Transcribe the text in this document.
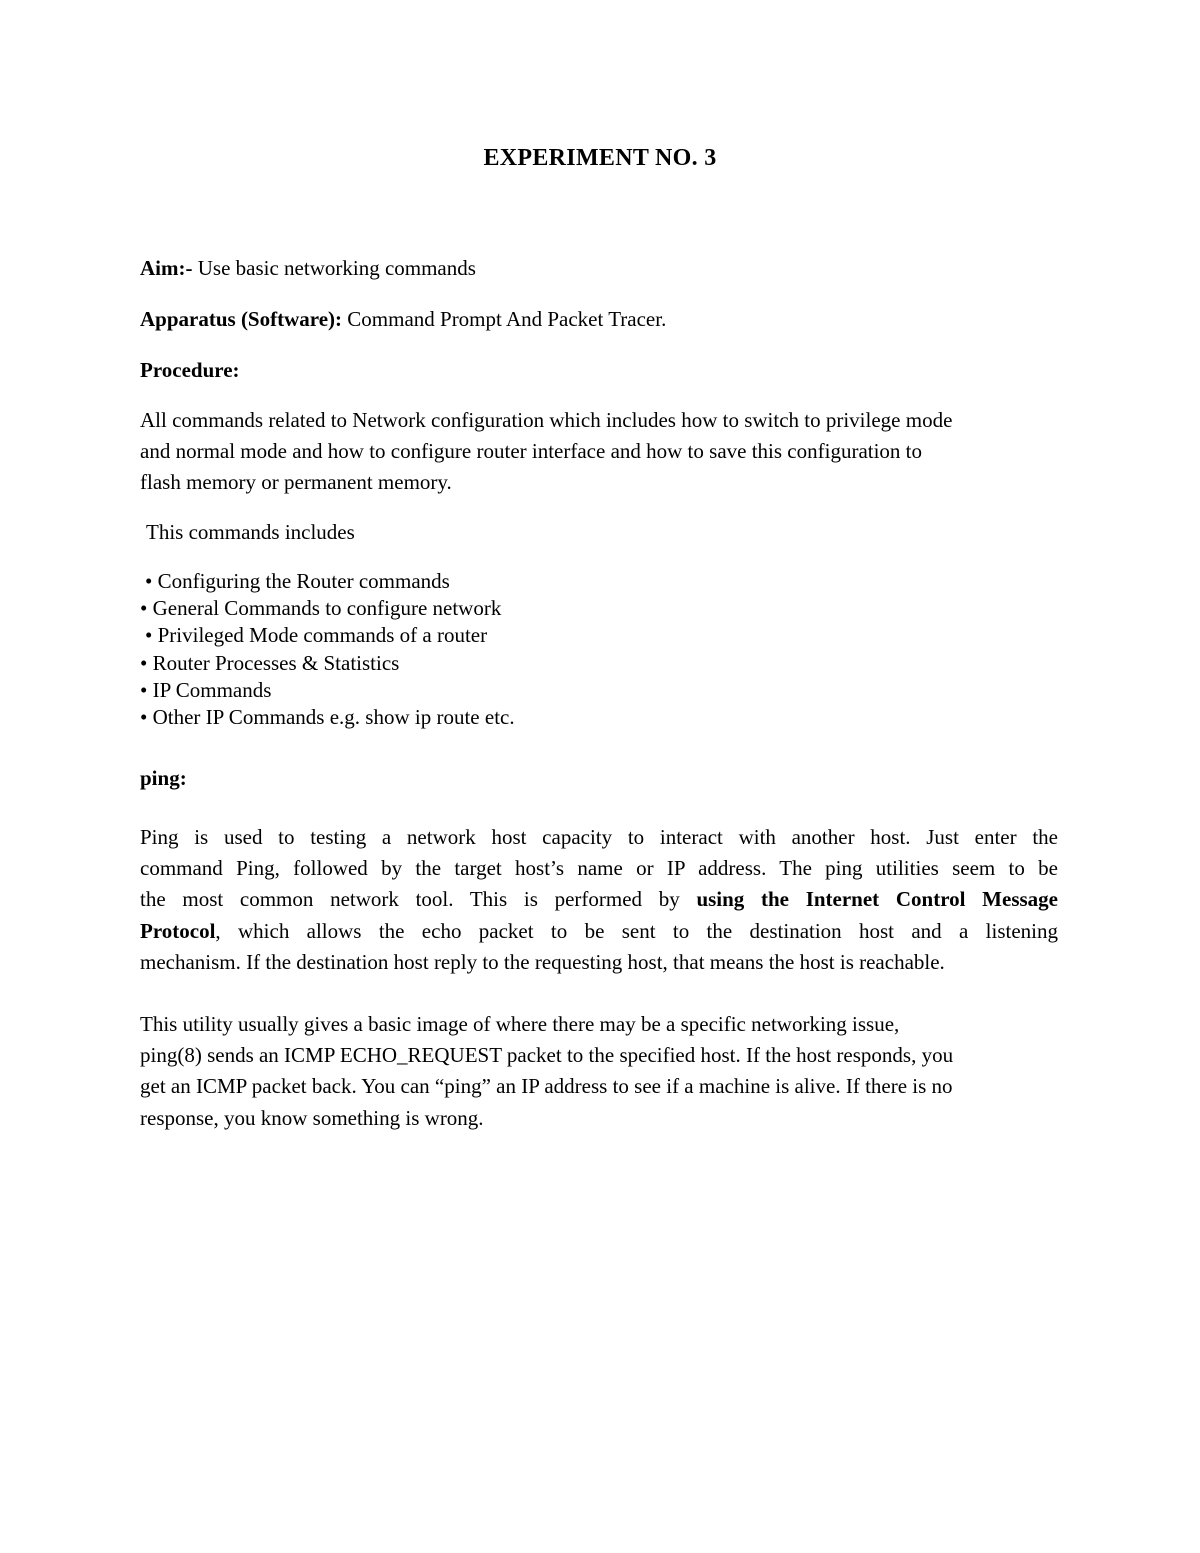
EXPERIMENT NO. 3
Aim:- Use basic networking commands
Apparatus (Software): Command Prompt And Packet Tracer.
Procedure:
All commands related to Network configuration which includes how to switch to privilege mode
and normal mode and how to configure router interface and how to save this configuration to
flash memory or permanent memory.
This commands includes
• Configuring the Router commands
• General Commands to configure network
• Privileged Mode commands of a router
• Router Processes & Statistics
• IP Commands
• Other IP Commands e.g. show ip route etc.
ping:
Ping is used to testing a network host capacity to interact with another host. Just enter the
command Ping, followed by the target host’s name or IP address. The ping utilities seem to be
the most common network tool. This is performed by using the Internet Control Message
Protocol, which allows the echo packet to be sent to the destination host and a listening
mechanism. If the destination host reply to the requesting host, that means the host is reachable.
This utility usually gives a basic image of where there may be a specific networking issue,
ping(8) sends an ICMP ECHO_REQUEST packet to the specified host. If the host responds, you
get an ICMP packet back. You can “ping” an IP address to see if a machine is alive. If there is no
response, you know something is wrong.
